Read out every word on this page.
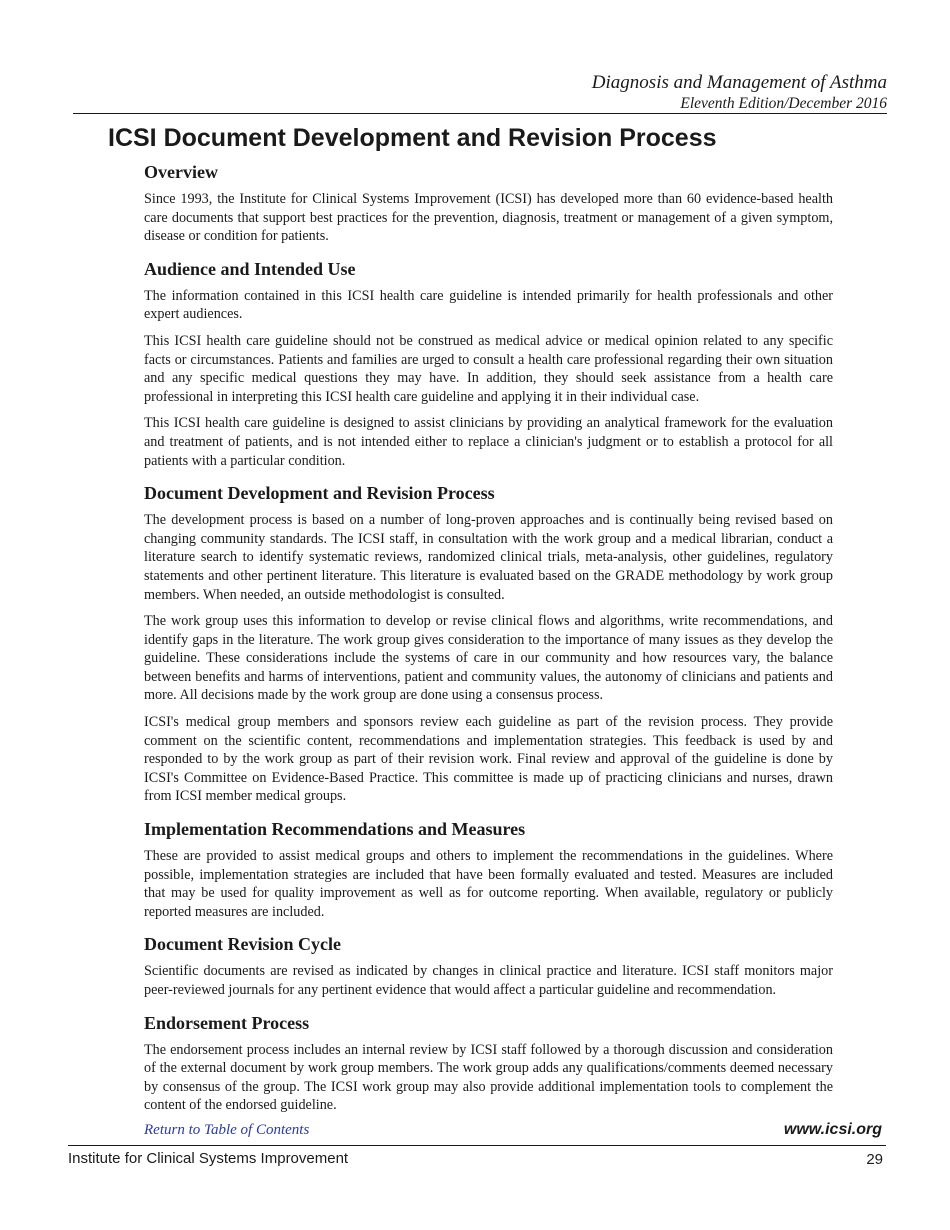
Diagnosis and Management of Asthma
Eleventh Edition/December 2016
ICSI Document Development and Revision Process
Overview

Since 1993, the Institute for Clinical Systems Improvement (ICSI) has developed more than 60 evidence-based health care documents that support best practices for the prevention, diagnosis, treatment or management of a given symptom, disease or condition for patients.

Audience and Intended Use

The information contained in this ICSI health care guideline is intended primarily for health professionals and other expert audiences.

This ICSI health care guideline should not be construed as medical advice or medical opinion related to any specific facts or circumstances. Patients and families are urged to consult a health care professional regarding their own situation and any specific medical questions they may have. In addition, they should seek assistance from a health care professional in interpreting this ICSI health care guideline and applying it in their individual case.

This ICSI health care guideline is designed to assist clinicians by providing an analytical framework for the evaluation and treatment of patients, and is not intended either to replace a clinician's judgment or to establish a protocol for all patients with a particular condition.

Document Development and Revision Process

The development process is based on a number of long-proven approaches and is continually being revised based on changing community standards. The ICSI staff, in consultation with the work group and a medical librarian, conduct a literature search to identify systematic reviews, randomized clinical trials, meta-analysis, other guidelines, regulatory statements and other pertinent literature. This literature is evaluated based on the GRADE methodology by work group members. When needed, an outside methodologist is consulted.

The work group uses this information to develop or revise clinical flows and algorithms, write recommendations, and identify gaps in the literature. The work group gives consideration to the importance of many issues as they develop the guideline. These considerations include the systems of care in our community and how resources vary, the balance between benefits and harms of interventions, patient and community values, the autonomy of clinicians and patients and more. All decisions made by the work group are done using a consensus process.

ICSI's medical group members and sponsors review each guideline as part of the revision process. They provide comment on the scientific content, recommendations and implementation strategies. This feedback is used by and responded to by the work group as part of their revision work. Final review and approval of the guideline is done by ICSI's Committee on Evidence-Based Practice. This committee is made up of practicing clinicians and nurses, drawn from ICSI member medical groups.

Implementation Recommendations and Measures

These are provided to assist medical groups and others to implement the recommendations in the guidelines. Where possible, implementation strategies are included that have been formally evaluated and tested. Measures are included that may be used for quality improvement as well as for outcome reporting. When available, regulatory or publicly reported measures are included.

Document Revision Cycle

Scientific documents are revised as indicated by changes in clinical practice and literature. ICSI staff monitors major peer-reviewed journals for any pertinent evidence that would affect a particular guideline and recommendation.

Endorsement Process

The endorsement process includes an internal review by ICSI staff followed by a thorough discussion and consideration of the external document by work group members. The work group adds any qualifications/comments deemed necessary by consensus of the group. The ICSI work group may also provide additional implementation tools to complement the content of the endorsed guideline.

Return to Table of Contents	www.icsi.org
Institute for Clinical Systems Improvement	29
